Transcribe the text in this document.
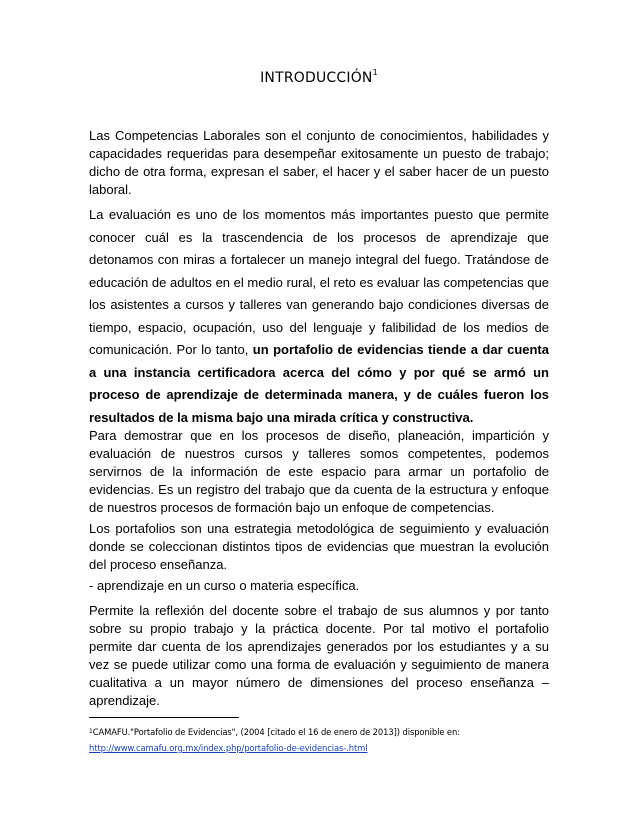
INTRODUCCIÓN$^1$
Las Competencias Laborales son el conjunto de conocimientos, habilidades y capacidades requeridas para desempeñar exitosamente un puesto de trabajo; dicho de otra forma, expresan el saber, el hacer y el saber hacer de un puesto laboral.
La evaluación es uno de los momentos más importantes puesto que permite conocer cuál es la trascendencia de los procesos de aprendizaje que detonamos con miras a fortalecer un manejo integral del fuego. Tratándose de educación de adultos en el medio rural, el reto es evaluar las competencias que los asistentes a cursos y talleres van generando bajo condiciones diversas de tiempo, espacio, ocupación, uso del lenguaje y falibilidad de los medios de comunicación. Por lo tanto, un portafolio de evidencias tiende a dar cuenta a una instancia certificadora acerca del cómo y por qué se armó un proceso de aprendizaje de determinada manera, y de cuáles fueron los resultados de la misma bajo una mirada crítica y constructiva.
Para demostrar que en los procesos de diseño, planeación, impartición y evaluación de nuestros cursos y talleres somos competentes, podemos servirnos de la información de este espacio para armar un portafolio de evidencias. Es un registro del trabajo que da cuenta de la estructura y enfoque de nuestros procesos de formación bajo un enfoque de competencias.
Los portafolios son una estrategia metodológica de seguimiento y evaluación donde se coleccionan distintos tipos de evidencias que muestran la evolución del proceso enseñanza.
- aprendizaje en un curso o materia específica.
Permite la reflexión del docente sobre el trabajo de sus alumnos y por tanto sobre su propio trabajo y la práctica docente. Por tal motivo el portafolio permite dar cuenta de los aprendizajes generados por los estudiantes y a su vez se puede utilizar como una forma de evaluación y seguimiento de manera cualitativa a un mayor número de dimensiones del proceso enseñanza – aprendizaje.
$^1$CAMAFU."Portafolio de Evidencias", (2004 [citado el 16 de enero de 2013]) disponible en:
http://www.camafu.org.mx/index.php/portafolio-de-evidencias-.html
